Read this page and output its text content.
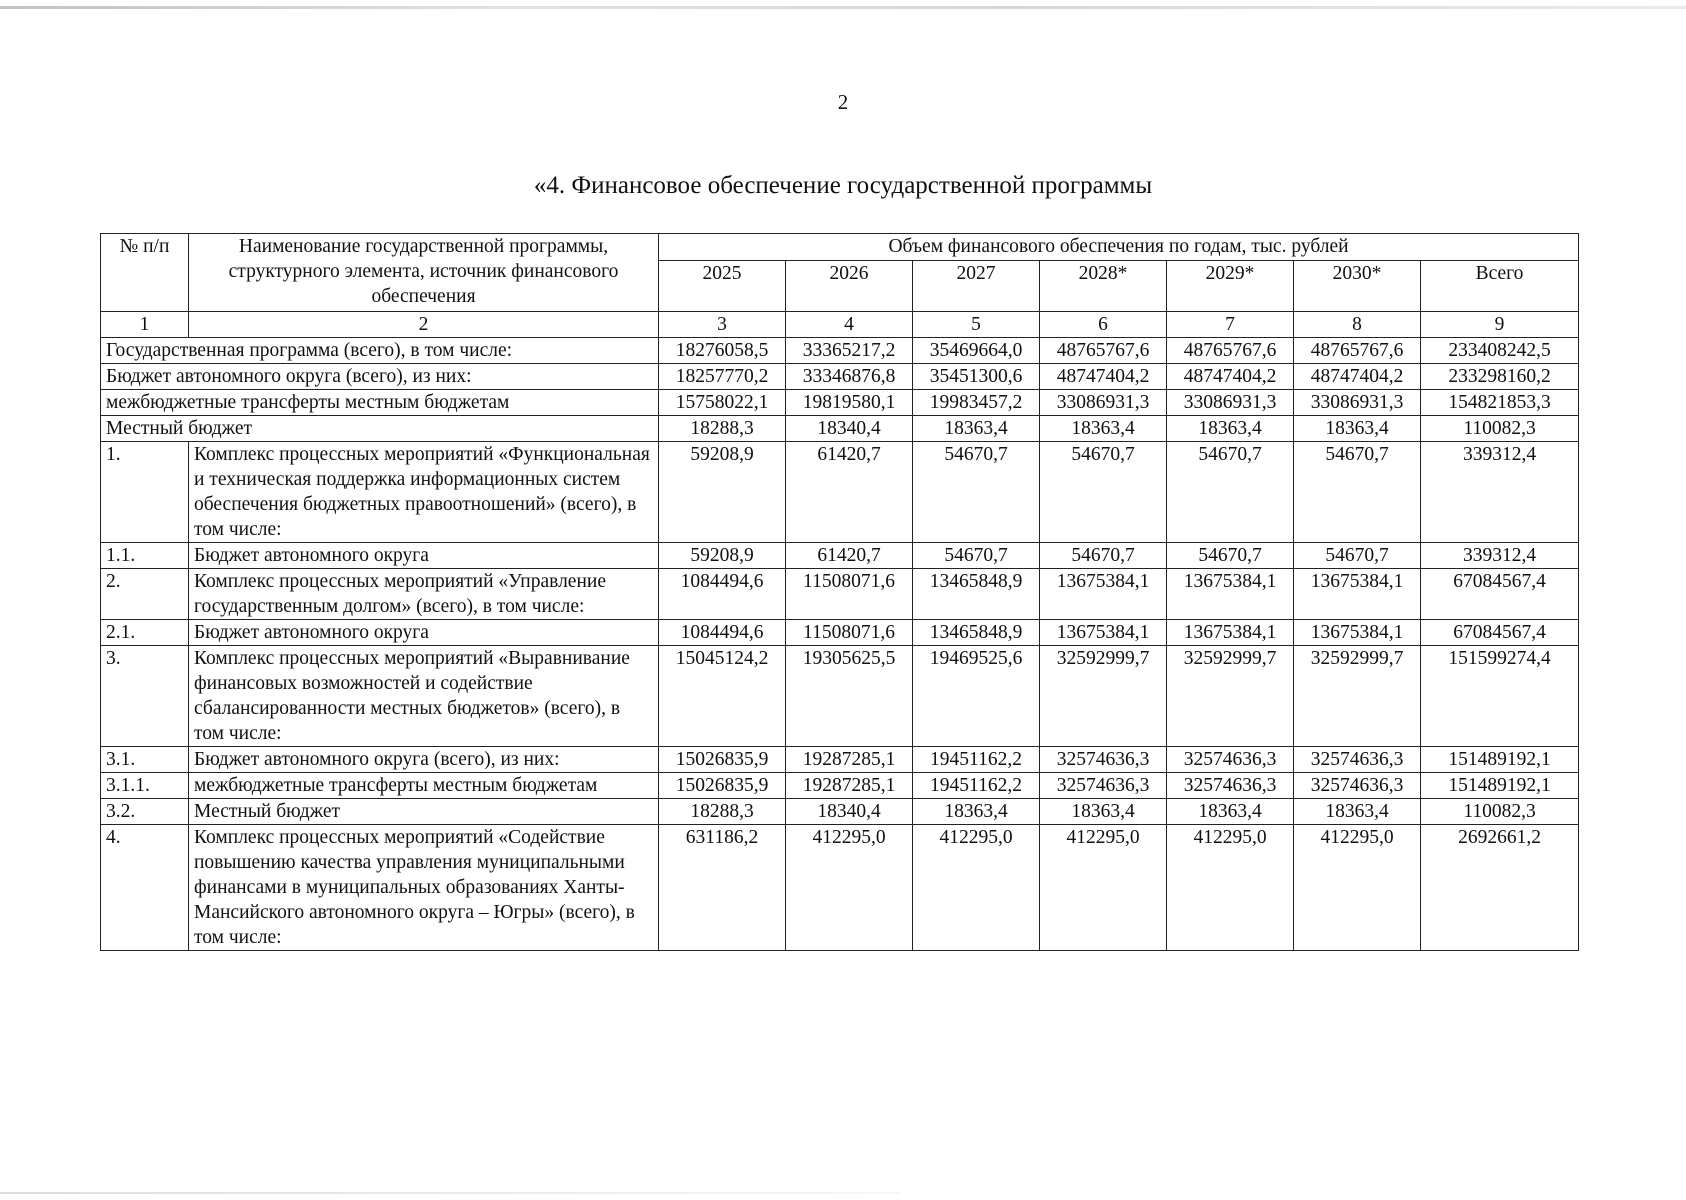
2
«4. Финансовое обеспечение государственной программы
№ п/п	Наименование государственной программы, структурного элемента, источник финансового обеспечения	Объем финансового обеспечения по годам, тыс. рублей						
		2025	2026	2027	2028*	2029*	2030*	Всего
1	2	3	4	5	6	7	8	9
Государственная программа (всего), в том числе:		18276058,5	33365217,2	35469664,0	48765767,6	48765767,6	48765767,6	233408242,5
Бюджет автономного округа (всего), из них:		18257770,2	33346876,8	35451300,6	48747404,2	48747404,2	48747404,2	233298160,2
межбюджетные трансферты местным бюджетам		15758022,1	19819580,1	19983457,2	33086931,3	33086931,3	33086931,3	154821853,3
Местный бюджет		18288,3	18340,4	18363,4	18363,4	18363,4	18363,4	110082,3
1.	Комплекс процессных мероприятий «Функциональная и техническая поддержка информационных систем обеспечения бюджетных правоотношений» (всего), в том числе:	59208,9	61420,7	54670,7	54670,7	54670,7	54670,7	339312,4
1.1.	Бюджет автономного округа	59208,9	61420,7	54670,7	54670,7	54670,7	54670,7	339312,4
2.	Комплекс процессных мероприятий «Управление государственным долгом» (всего), в том числе:	1084494,6	11508071,6	13465848,9	13675384,1	13675384,1	13675384,1	67084567,4
2.1.	Бюджет автономного округа	1084494,6	11508071,6	13465848,9	13675384,1	13675384,1	13675384,1	67084567,4
3.	Комплекс процессных мероприятий «Выравнивание финансовых возможностей и содействие сбалансированности местных бюджетов» (всего), в том числе:	15045124,2	19305625,5	19469525,6	32592999,7	32592999,7	32592999,7	151599274,4
3.1.	Бюджет автономного округа (всего), из них:	15026835,9	19287285,1	19451162,2	32574636,3	32574636,3	32574636,3	151489192,1
3.1.1.	межбюджетные трансферты местным бюджетам	15026835,9	19287285,1	19451162,2	32574636,3	32574636,3	32574636,3	151489192,1
3.2.	Местный бюджет	18288,3	18340,4	18363,4	18363,4	18363,4	18363,4	110082,3
4.	Комплекс процессных мероприятий «Содействие повышению качества управления муниципальными финансами в муниципальных образованиях Ханты-Мансийского автономного округа – Югры» (всего), в том числе:	631186,2	412295,0	412295,0	412295,0	412295,0	412295,0	2692661,2
